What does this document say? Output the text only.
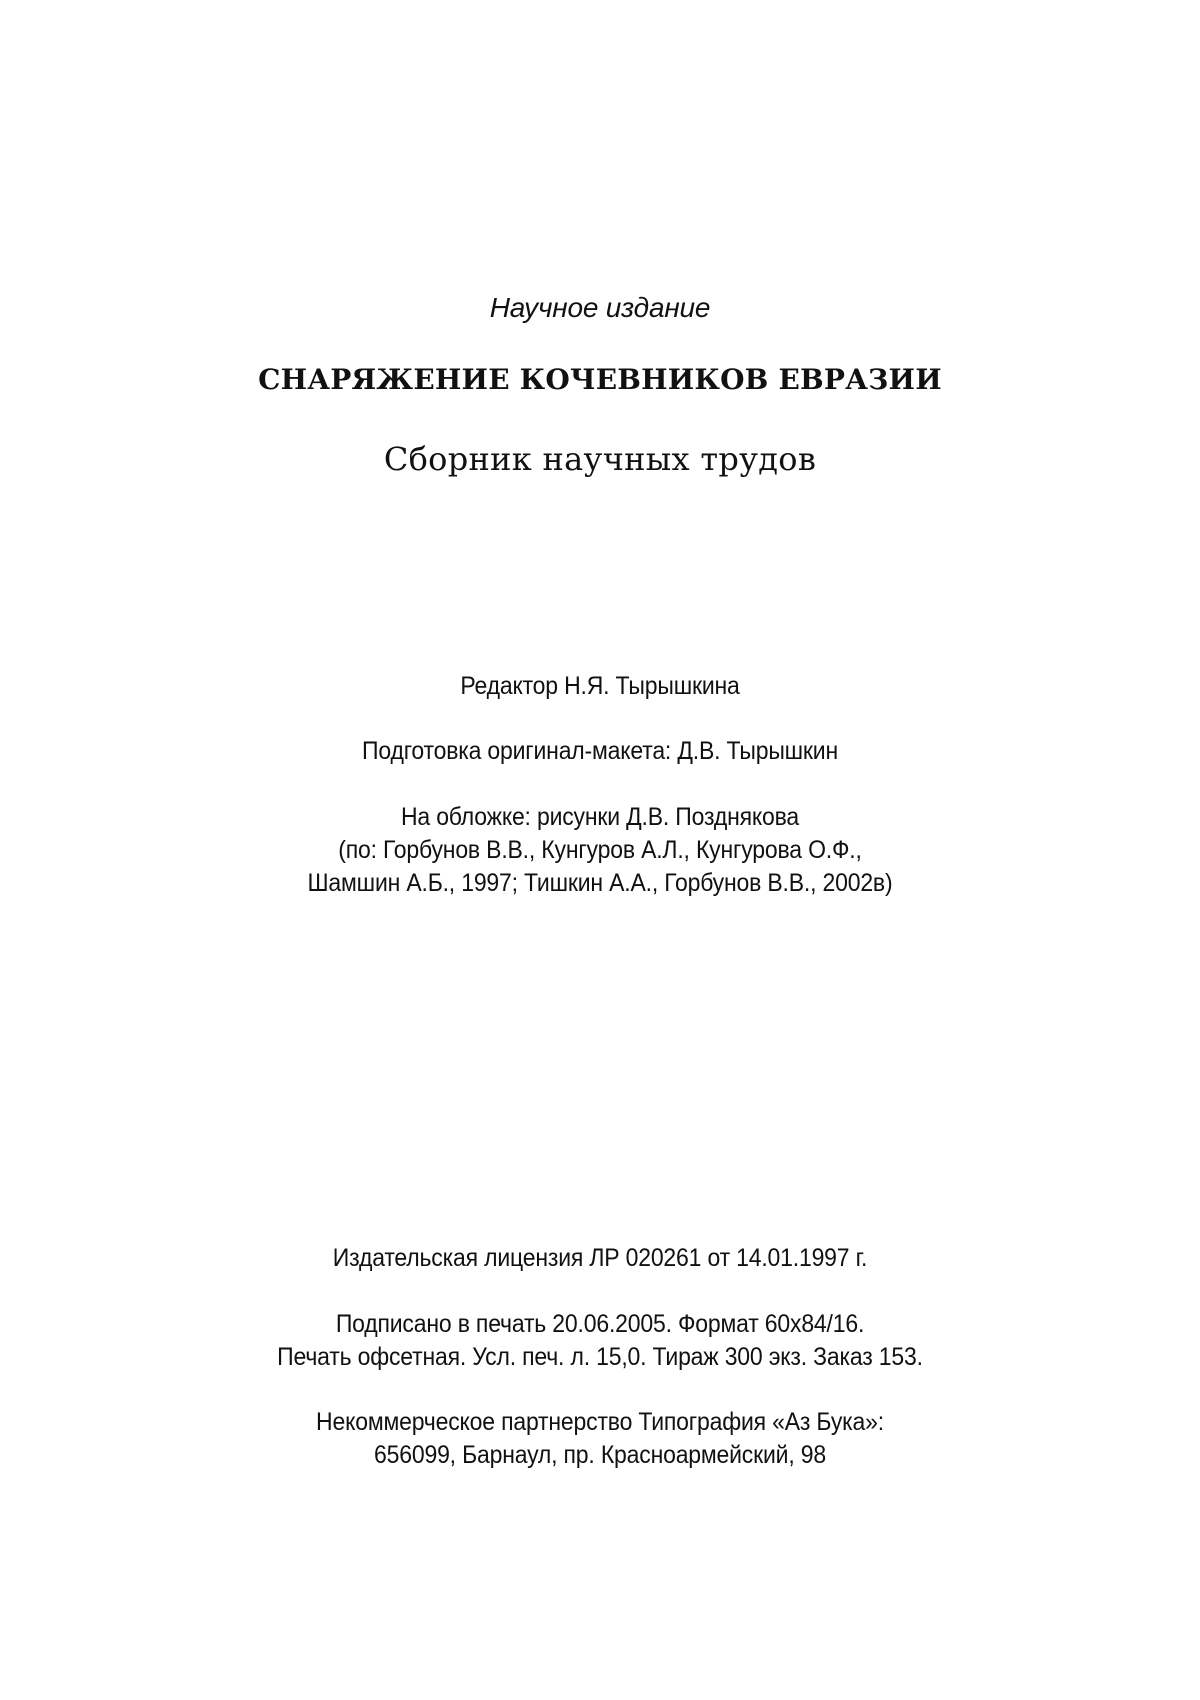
Научное издание
СНАРЯЖЕНИЕ КОЧЕВНИКОВ ЕВРАЗИИ
Сборник научных трудов
Редактор Н.Я. Тырышкина
Подготовка оригинал-макета: Д.В. Тырышкин
На обложке: рисунки Д.В. Позднякова
(по: Горбунов В.В., Кунгуров А.Л., Кунгурова О.Ф.,
Шамшин А.Б., 1997; Тишкин А.А., Горбунов В.В., 2002в)
Издательская лицензия ЛР 020261 от 14.01.1997 г.
Подписано в печать 20.06.2005. Формат 60х84/16.
Печать офсетная. Усл. печ. л. 15,0. Тираж 300 экз. Заказ 153.
Некоммерческое партнерство Типография «Аз Бука»:
656099, Барнаул, пр. Красноармейский, 98
